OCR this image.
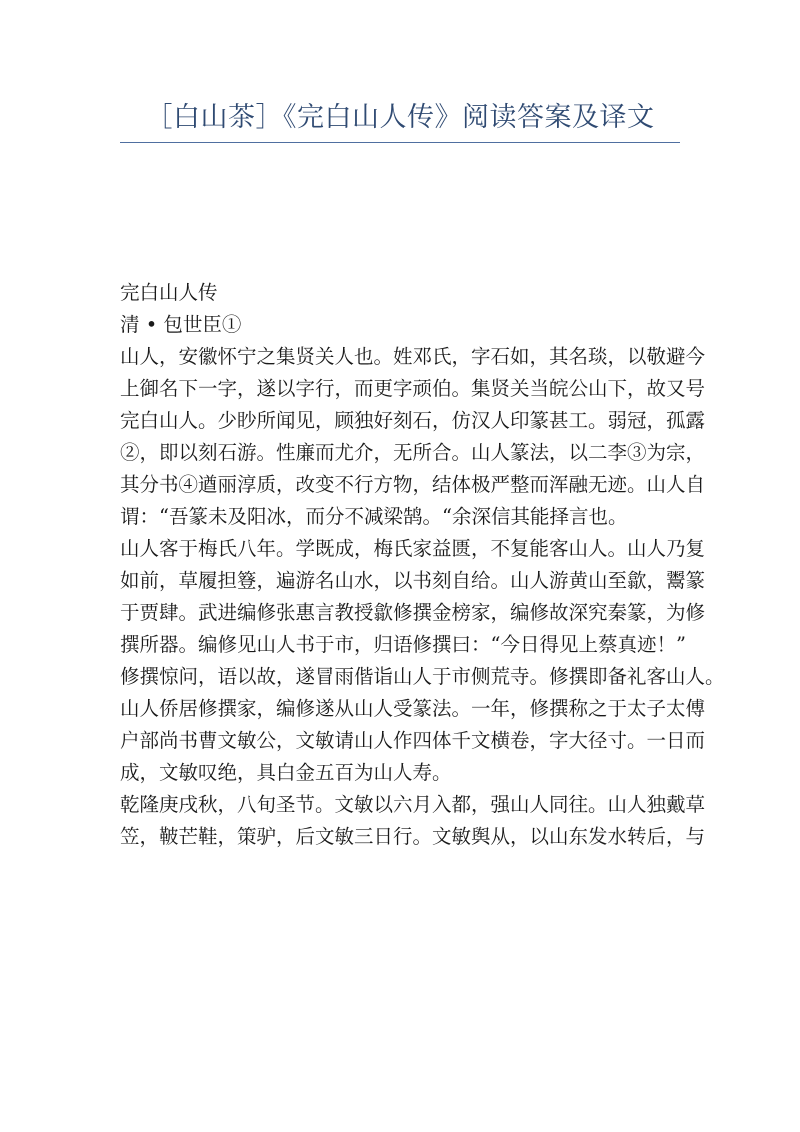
［白山茶］《完白山人传》阅读答案及译文
完白山人传
清 • 包世臣①
山人，安徽怀宁之集贤关人也。姓邓氏，字石如，其名琰，以敬避今
上御名下一字，遂以字行，而更字顽伯。集贤关当皖公山下，故又号
完白山人。少眇所闻见，顾独好刻石，仿汉人印篆甚工。弱冠，孤露
②，即以刻石游。性廉而尤介，无所合。山人篆法，以二李③为宗，
其分书④遒丽淳质，改变不行方物，结体极严整而浑融无迹。山人自
谓：“吾篆未及阳冰，而分不减梁鹄。“余深信其能择言也。
山人客于梅氏八年。学既成，梅氏家益匮，不复能客山人。山人乃复
如前，草履担簦，遍游名山水，以书刻自给。山人游黄山至歙，鬻篆
于贾肆。武进编修张惠言教授歙修撰金榜家，编修故深究秦篆，为修
撰所器。编修见山人书于市，归语修撰曰：“今日得见上蔡真迹！”
修撰惊问，语以故，遂冒雨偕诣山人于市侧荒寺。修撰即备礼客山人。
山人侨居修撰家，编修遂从山人受篆法。一年，修撰称之于太子太傅
户部尚书曹文敏公，文敏请山人作四体千文横卷，字大径寸。一日而
成，文敏叹绝，具白金五百为山人寿。
乾隆庚戌秋，八旬圣节。文敏以六月入都，强山人同往。山人独戴草
笠，鞁芒鞋，策驴，后文敏三日行。文敏舆从，以山东发水转后，与
